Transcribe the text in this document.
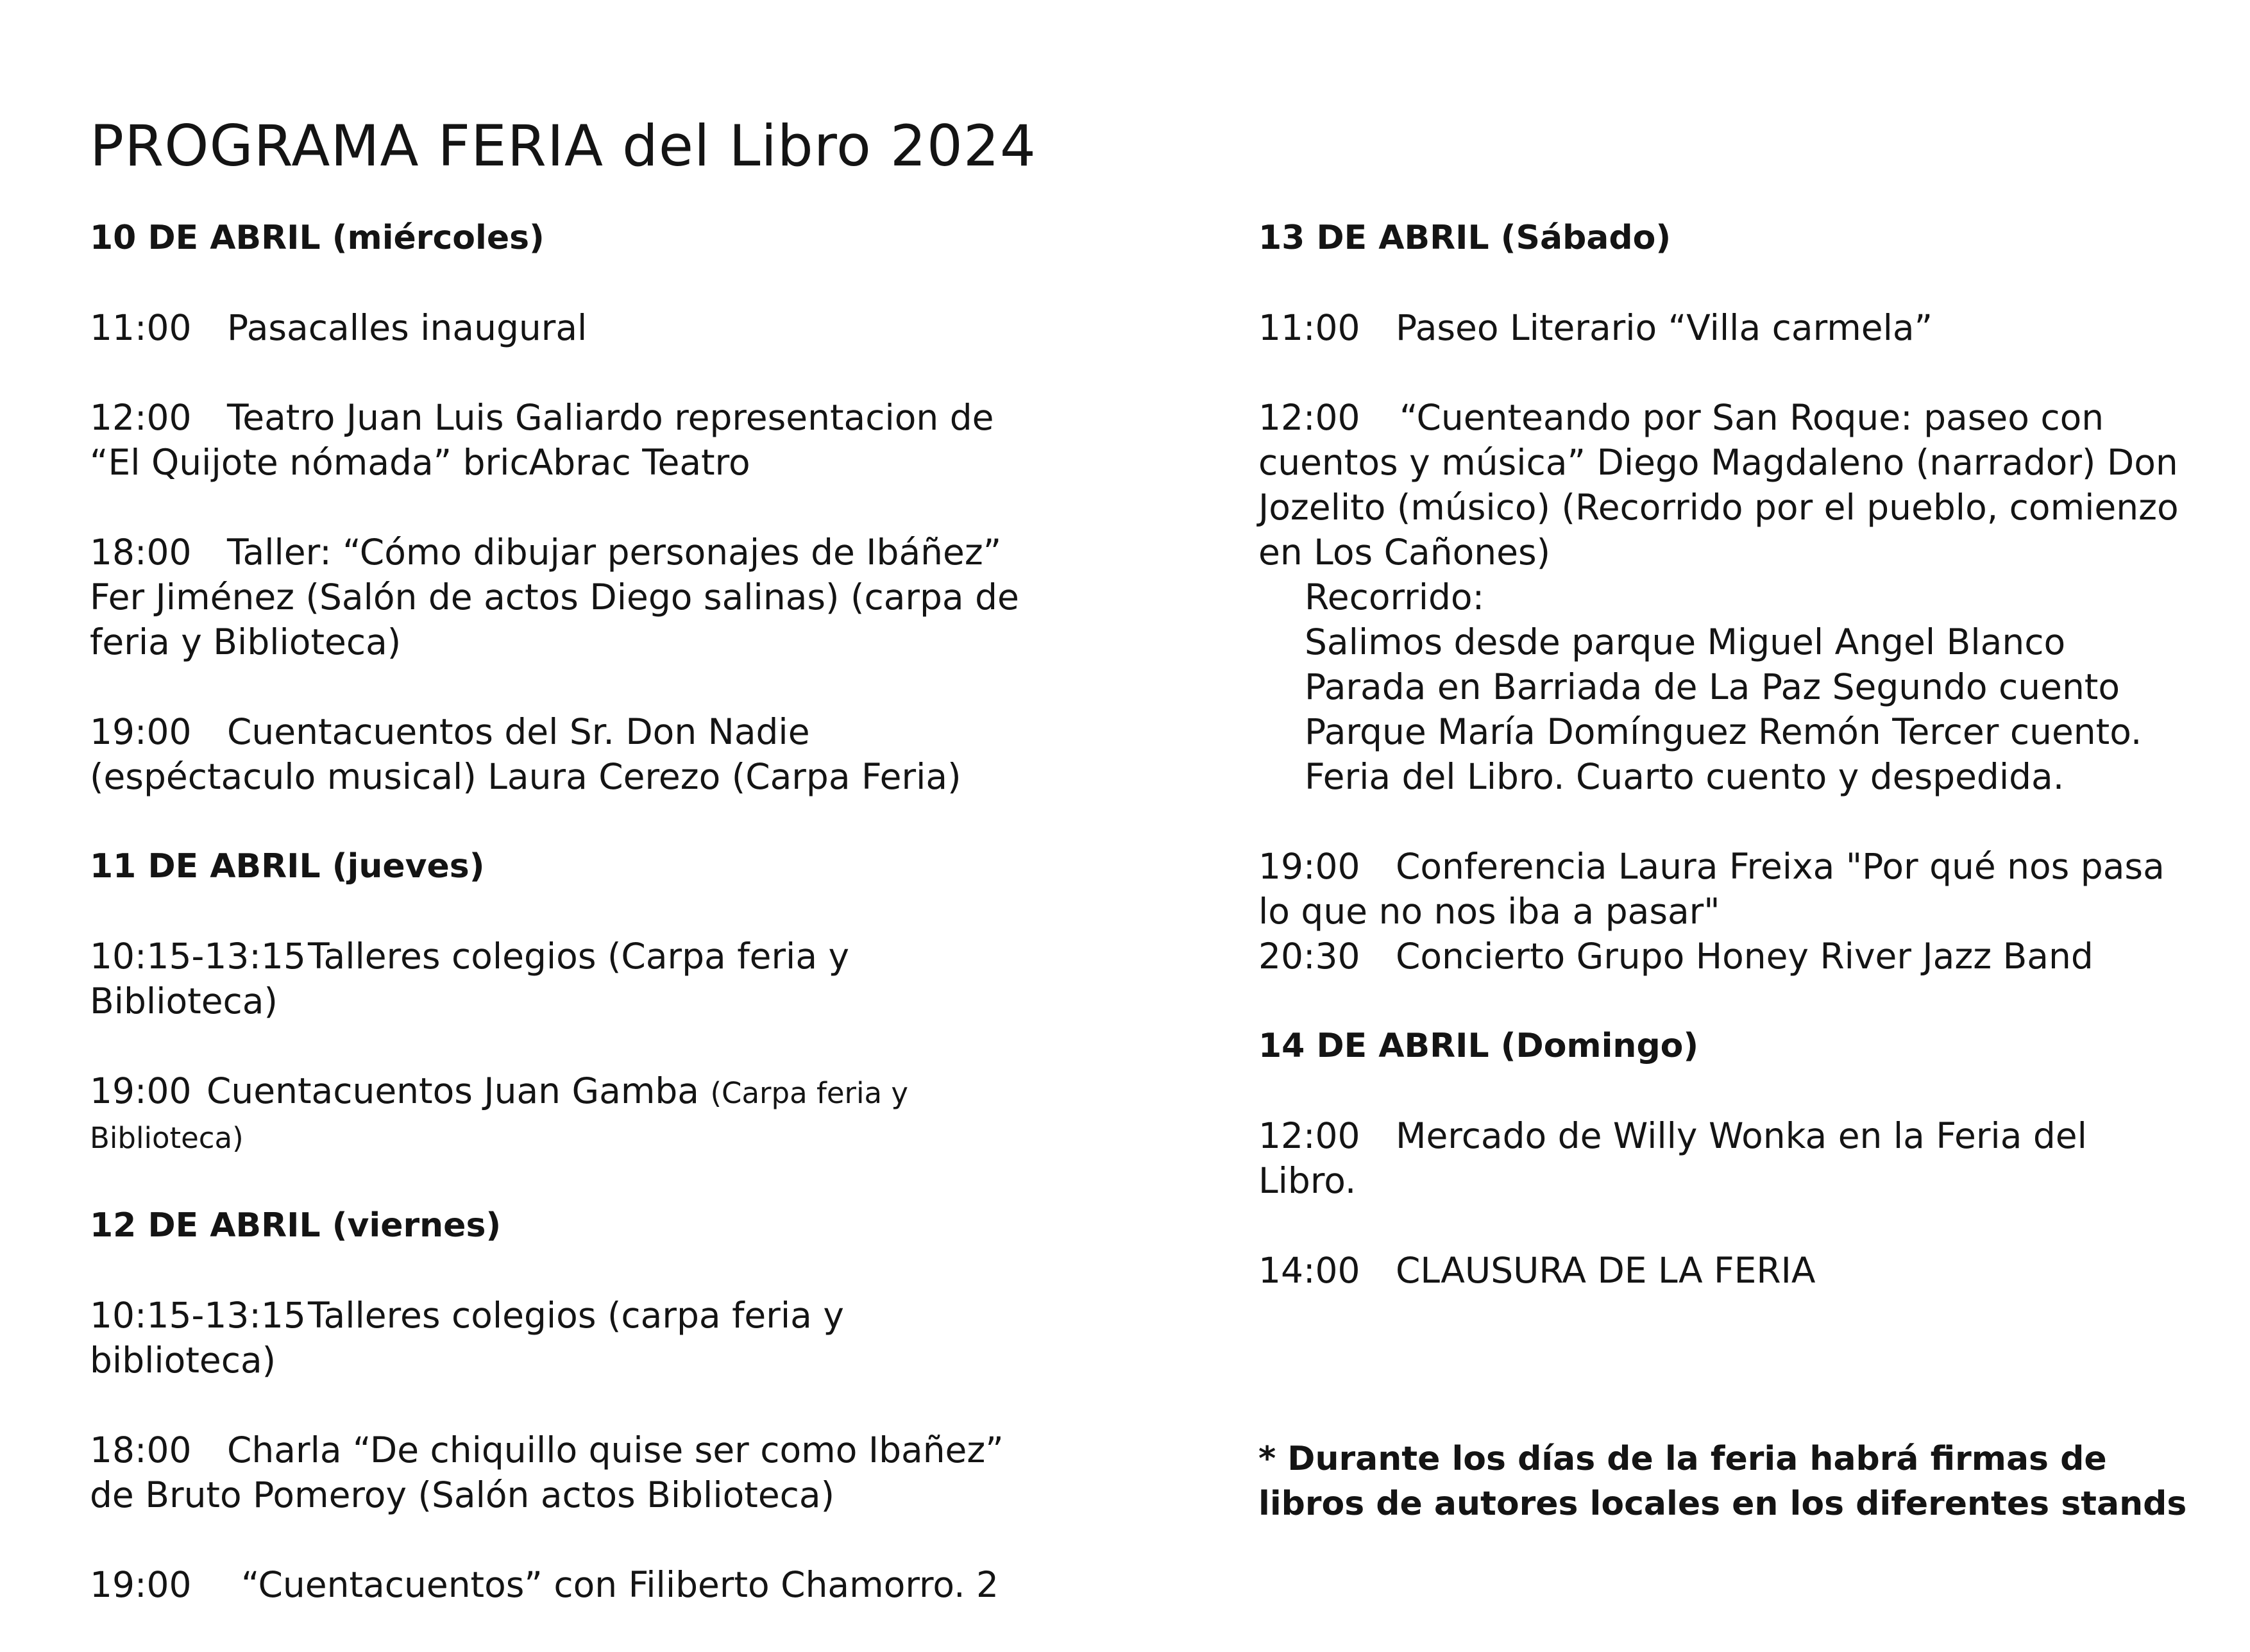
PROGRAMA FERIA del Libro 2024
10 DE ABRIL (miércoles)
11:00 Pasacalles inaugural
12:00 Teatro Juan Luis Galiardo representacion de “El Quijote nómada” bricAbrac Teatro
18:00 Taller: “Cómo dibujar personajes de Ibáñez” Fer Jiménez (Salón de actos Diego salinas) (carpa de feria y Biblioteca)
19:00 Cuentacuentos del Sr. Don Nadie (espéctaculo musical) Laura Cerezo (Carpa Feria)
11 DE ABRIL (jueves)
10:15-13:15Talleres colegios (Carpa feria y Biblioteca)
19:00 Cuentacuentos Juan Gamba (Carpa feria y Biblioteca)
12 DE ABRIL (viernes)
10:15-13:15Talleres colegios (carpa feria y biblioteca)
18:00 Charla “De chiquillo quise ser como Ibañez” de Bruto Pomeroy (Salón actos Biblioteca)
19:00 “Cuentacuentos” con Filiberto Chamorro. 2
13 DE ABRIL (Sábado)
11:00 Paseo Literario “Villa carmela”
12:00 “Cuenteando por San Roque: paseo con cuentos y música” Diego Magdaleno (narrador) Don Jozelito (músico) (Recorrido por el pueblo, comienzo en Los Cañones)
Recorrido:
Salimos desde parque Miguel Angel Blanco
Parada en Barriada de La Paz Segundo cuento
Parque María Domínguez Remón Tercer cuento.
Feria del Libro. Cuarto cuento y despedida.
19:00 Conferencia Laura Freixa "Por qué nos pasa lo que no nos iba a pasar"
20:30 Concierto Grupo Honey River Jazz Band
14 DE ABRIL (Domingo)
12:00 Mercado de Willy Wonka en la Feria del Libro.
14:00 CLAUSURA DE LA FERIA

* Durante los días de la feria habrá firmas de libros de autores locales en los diferentes stands
